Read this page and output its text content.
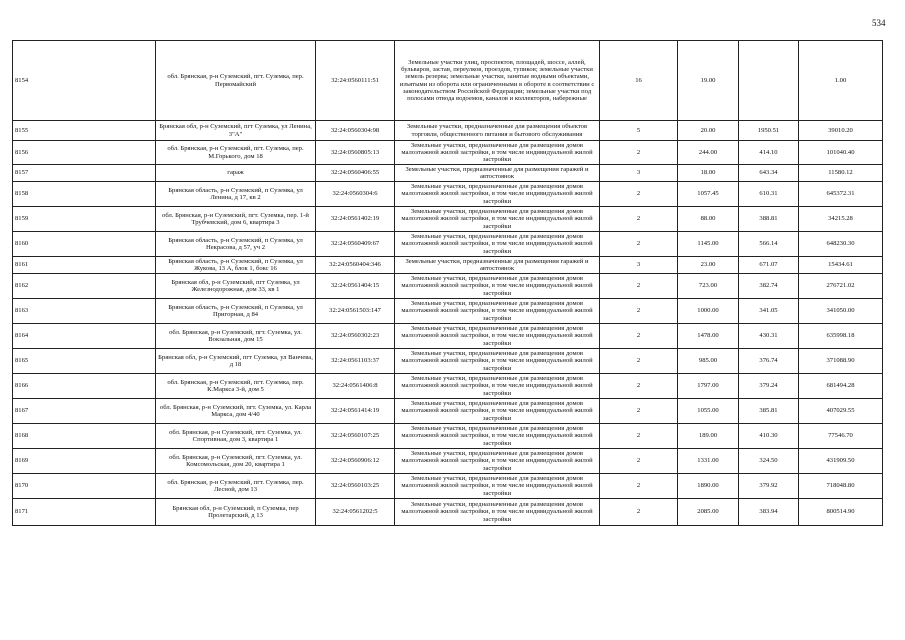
534
8154	обл. Брянская, р-н Суземский, пгт. Суземка, пер. Первомайский	32:24:0560111:51	Земельные участки улиц, проспектов, площадей, шоссе, аллей, бульваров, застав, переулков, проездов, тупиков; земельные участки земель резерва; земельные участки, занятые водными объектами, изъятыми из оборота или ограниченными в обороте в соответствии с законодательством Российской Федерации; земельные участки под полосами отвода водоемов, каналов и коллекторов, набережные	16	19.00		1.00
8155	Брянская обл, р-н Суземский, пгт Суземка, ул Ленина, 3"А"	32:24:0560304:98	Земельные участки, предназначенные для размещения объектов торговли, общественного питания и бытового обслуживания	5	20.00	1950.51	39010.20
8156	обл. Брянская, р-н Суземский, пгт. Суземка, пер. М.Горького, дом 18	32:24:0560805:13	Земельные участки, предназначенные для размещения домов малоэтажной жилой застройки, в том числе индивидуальной жилой застройки	2	244.00	414.10	101040.40
8157	гараж	32:24:0560406:55	Земельные участки, предназначенные для размещения гаражей и автостоянок	3	18.00	643.34	11580.12
8158	Брянская область, р-н Суземский, п Суземка, ул Ленина, д 17, кв 2	32:24:0560304:6	Земельные участки, предназначенные для размещения домов малоэтажной жилой застройки, в том числе индивидуальной жилой застройки	2	1057.45	610.31	645372.31
8159	обл. Брянская, р-н Суземский, пгт. Суземка, пер. 1-й Трубчевский, дом 6, квартира 3	32:24:0561402:19	Земельные участки, предназначенные для размещения домов малоэтажной жилой застройки, в том числе индивидуальной жилой застройки	2	88.00	388.81	34215.28
8160	Брянская область, р-н Суземский, п Суземка, ул Некрасова, д 57, уч 2	32:24:0560409:67	Земельные участки, предназначенные для размещения домов малоэтажной жилой застройки, в том числе индивидуальной жилой застройки	2	1145.00	566.14	648230.30
8161	Брянская область, р-н Суземский, п Суземка, ул Жукова, 13 А, блок 1, бокс 16	32:24:0560404:346	Земельные участки, предназначенные для размещения гаражей и автостоянок	3	23.00	671.07	15434.61
8162	Брянская обл, р-н Суземский, пгт Суземка, ул Железнодорожная, дом 33, кв 1	32:24:0561404:15	Земельные участки, предназначенные для размещения домов малоэтажной жилой застройки, в том числе индивидуальной жилой застройки	2	723.00	382.74	276721.02
8163	Брянская область, р-н Суземский, п Суземка, ул Пригорная, д 84	32:24:0561503:147	Земельные участки, предназначенные для размещения домов малоэтажной жилой застройки, в том числе индивидуальной жилой застройки	2	1000.00	341.05	341050.00
8164	обл. Брянская, р-н Суземский, пгт. Суземка, ул. Вокзальная, дом 15	32:24:0560302:23	Земельные участки, предназначенные для размещения домов малоэтажной жилой застройки, в том числе индивидуальной жилой застройки	2	1478.00	430.31	635998.18
8165	Брянская обл, р-н Суземский, пгт Суземка, ул Ванчева, д 18	32:24:0561103:37	Земельные участки, предназначенные для размещения домов малоэтажной жилой застройки, в том числе индивидуальной жилой застройки	2	985.00	376.74	371088.90
8166	обл. Брянская, р-н Суземский, пгт. Суземка, пер. К.Маркса 3-й, дом 5	32:24:0561406:8	Земельные участки, предназначенные для размещения домов малоэтажной жилой застройки, в том числе индивидуальной жилой застройки	2	1797.00	379.24	681494.28
8167	обл. Брянская, р-н Суземский, пгт. Суземка, ул. Карла Маркса, дом 4/40	32:24:0561414:19	Земельные участки, предназначенные для размещения домов малоэтажной жилой застройки, в том числе индивидуальной жилой застройки	2	1055.00	385.81	407029.55
8168	обл. Брянская, р-н Суземский, пгт. Суземка, ул. Спортивная, дом 3, квартира 1	32:24:0560107:25	Земельные участки, предназначенные для размещения домов малоэтажной жилой застройки, в том числе индивидуальной жилой застройки	2	189.00	410.30	77546.70
8169	обл. Брянская, р-н Суземский, пгт. Суземка, ул. Комсомольская, дом 20, квартира 1	32:24:0560906:12	Земельные участки, предназначенные для размещения домов малоэтажной жилой застройки, в том числе индивидуальной жилой застройки	2	1331.00	324.50	431909.50
8170	обл. Брянская, р-н Суземский, пгт. Суземка, пер. Лесной, дом 13	32:24:0560103:25	Земельные участки, предназначенные для размещения домов малоэтажной жилой застройки, в том числе индивидуальной жилой застройки	2	1890.00	379.92	718048.80
8171	Брянская обл, р-н Суземский, п Суземка, пер Пролетарский, д 13	32:24:0561202:5	Земельные участки, предназначенные для размещения домов малоэтажной жилой застройки, в том числе индивидуальной жилой застройки	2	2085.00	383.94	800514.90
